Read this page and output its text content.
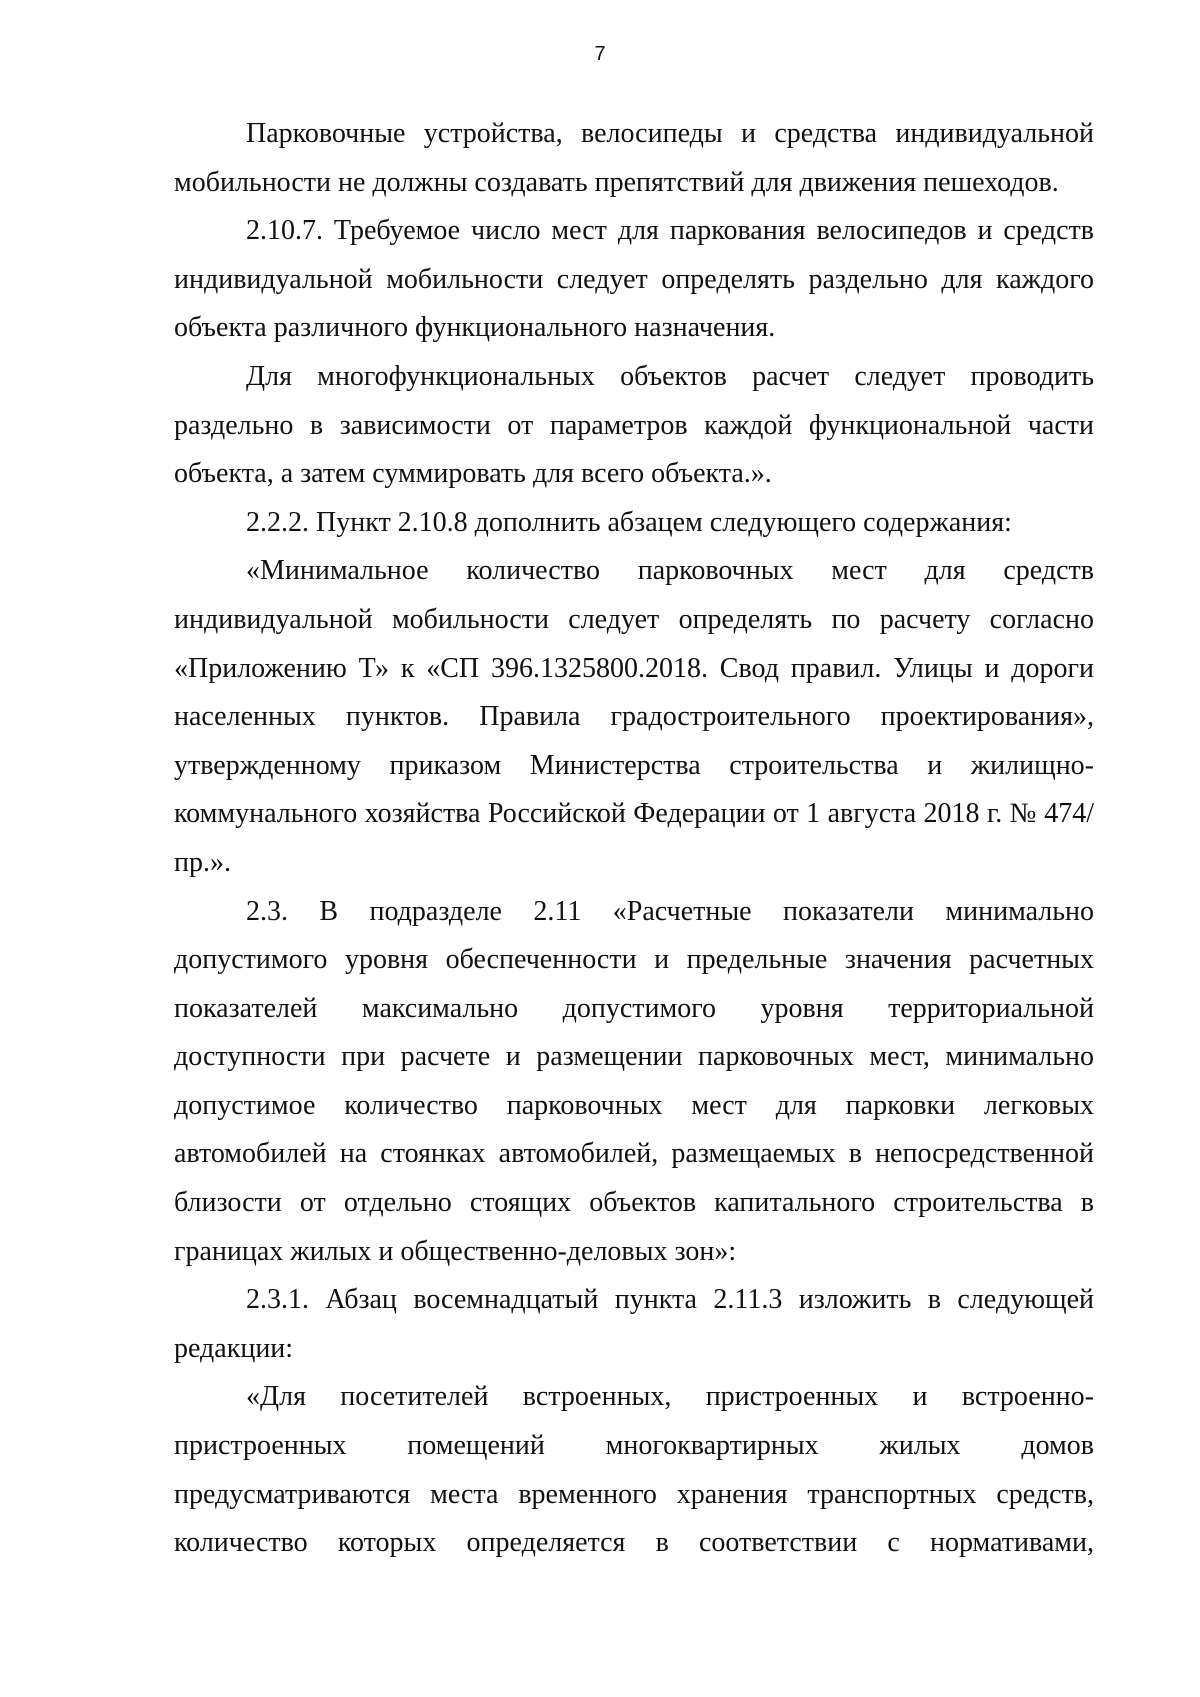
7

Парковочные устройства, велосипеды и средства индивидуальной мобильности не должны создавать препятствий для движения пешеходов.

2.10.7. Требуемое число мест для паркования велосипедов и средств индивидуальной мобильности следует определять раздельно для каждого объекта различного функционального назначения.

Для многофункциональных объектов расчет следует проводить раздельно в зависимости от параметров каждой функциональной части объекта, а затем суммировать для всего объекта.».

2.2.2. Пункт 2.10.8 дополнить абзацем следующего содержания:

«Минимальное количество парковочных мест для средств индивидуальной мобильности следует определять по расчету согласно «Приложению Т» к «СП 396.1325800.2018. Свод правил. Улицы и дороги населенных пунктов. Правила градостроительного проектирования», утвержденному приказом Министерства строительства и жилищно-коммунального хозяйства Российской Федерации от 1 августа 2018 г. № 474/пр.».

2.3. В подразделе 2.11 «Расчетные показатели минимально допустимого уровня обеспеченности и предельные значения расчетных показателей максимально допустимого уровня территориальной доступности при расчете и размещении парковочных мест, минимально допустимое количество парковочных мест для парковки легковых автомобилей на стоянках автомобилей, размещаемых в непосредственной близости от отдельно стоящих объектов капитального строительства в границах жилых и общественно-деловых зон»:

2.3.1. Абзац восемнадцатый пункта 2.11.3 изложить в следующей редакции:

«Для посетителей встроенных, пристроенных и встроенно-пристроенных помещений многоквартирных жилых домов предусматриваются места временного хранения транспортных средств, количество которых определяется в соответствии с нормативами,
